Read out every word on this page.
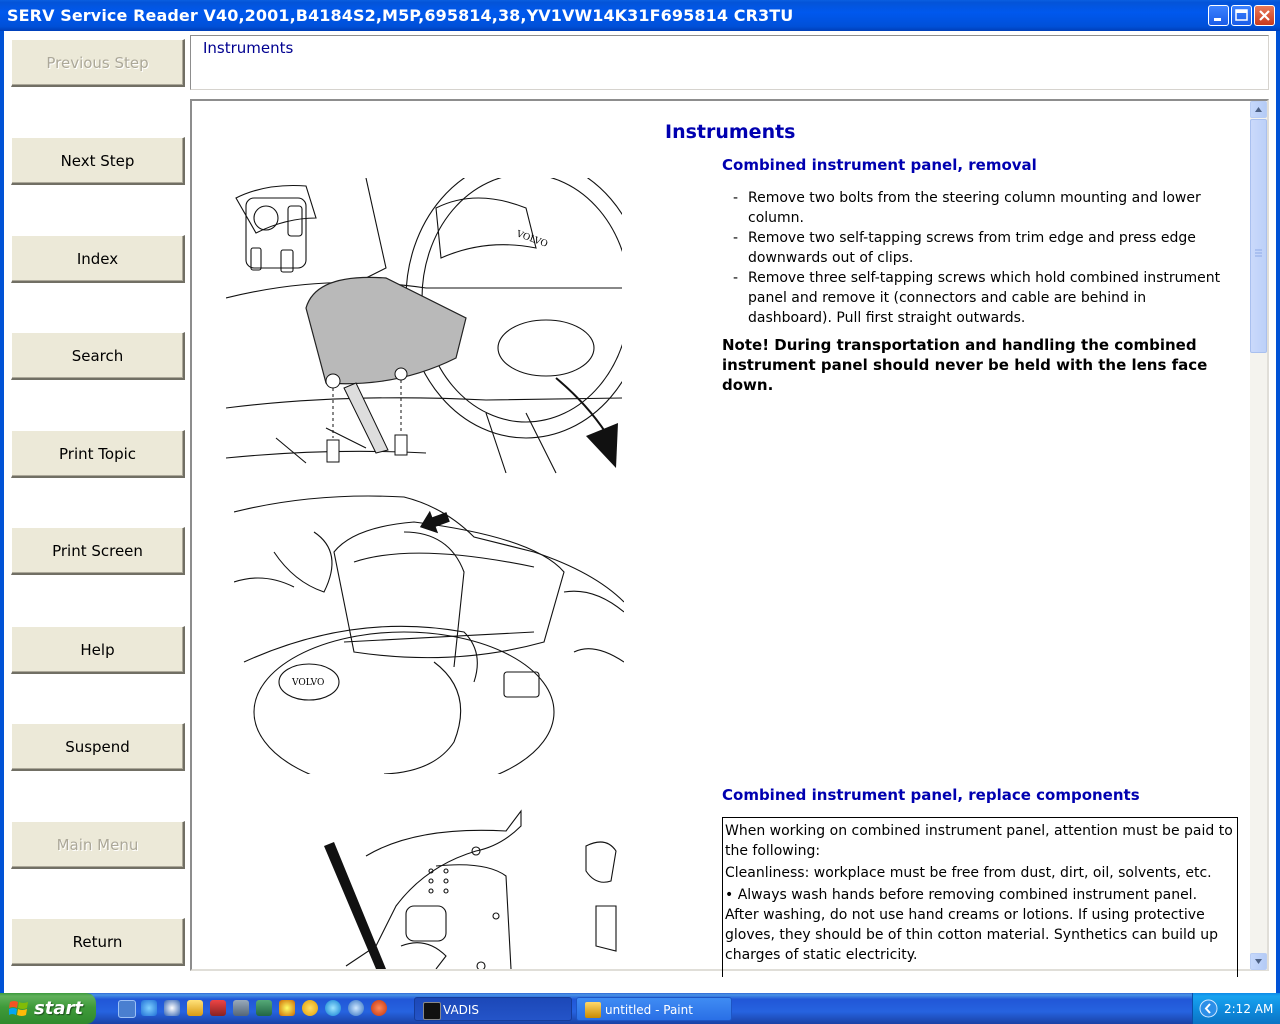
SERV Service Reader V40,2001,B4184S2,M5P,695814,38,YV1VW14K31F695814 CR3TU
Previous Step
Next Step
Index
Search
Print Topic
Print Screen
Help
Suspend
Main Menu
Return
Instruments
Instruments
Combined instrument panel, removal
- Remove two bolts from the steering column mounting and lower column.
- Remove two self-tapping screws from trim edge and press edge downwards out of clips.
- Remove three self-tapping screws which hold combined instrument panel and remove it (connectors and cable are behind in dashboard). Pull first straight outwards.
Note! During transportation and handling the combined instrument panel should never be held with the lens face down.
Combined instrument panel, replace components

When working on combined instrument panel, attention must be paid to the following:

Cleanliness: workplace must be free from dust, dirt, oil, solvents, etc.

• Always wash hands before removing combined instrument panel. After washing, do not use hand creams or lotions. If using protective gloves, they should be of thin cotton material. Synthetics can build up charges of static electricity.

VOLVO
VOLVO
start	VADIS	untitled - Paint	2:12 AM
